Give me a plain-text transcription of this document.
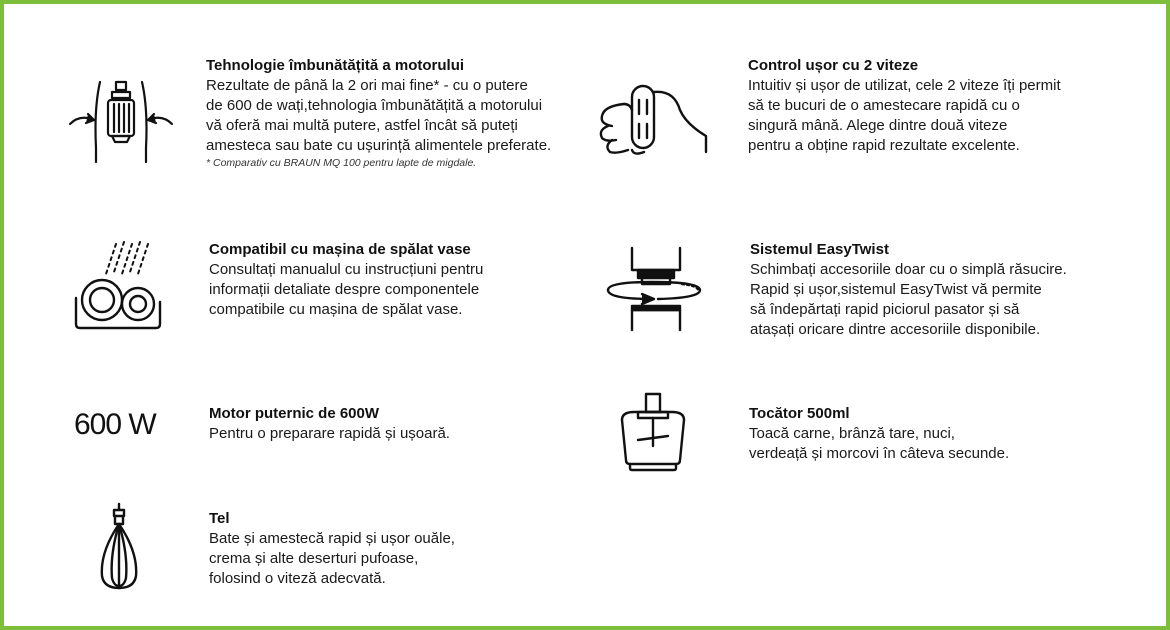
Tehnologie îmbunătățită a motorului
Rezultate de până la 2 ori mai fine* - cu o putere
de 600 de wați,tehnologia îmbunătățită a motorului
vă oferă mai multă putere, astfel încât să puteți
amesteca sau bate cu ușurință alimentele preferate.
* Comparativ cu BRAUN MQ 100 pentru lapte de migdale.
Control ușor cu 2 viteze
Intuitiv și ușor de utilizat, cele 2 viteze îți permit
să te bucuri de o amestecare rapidă cu o
singură mână. Alege dintre două viteze
pentru a obține rapid rezultate excelente.
Compatibil cu mașina de spălat vase
Consultați manualul cu instrucțiuni pentru
informații detaliate despre componentele
compatibile cu mașina de spălat vase.
Sistemul EasyTwist
Schimbați accesoriile doar cu o simplă răsucire.
Rapid și ușor,sistemul EasyTwist vă permite
să îndepărtați rapid piciorul pasator și să
atașați oricare dintre accesoriile disponibile.
600 W	Motor puternic de 600W
Pentru o preparare rapidă și ușoară.
Tocător 500ml
Toacă carne, brânză tare, nuci,
verdeață și morcovi în câteva secunde.
Tel
Bate și amestecă rapid și ușor ouăle,
crema și alte deserturi pufoase,
folosind o viteză adecvată.
